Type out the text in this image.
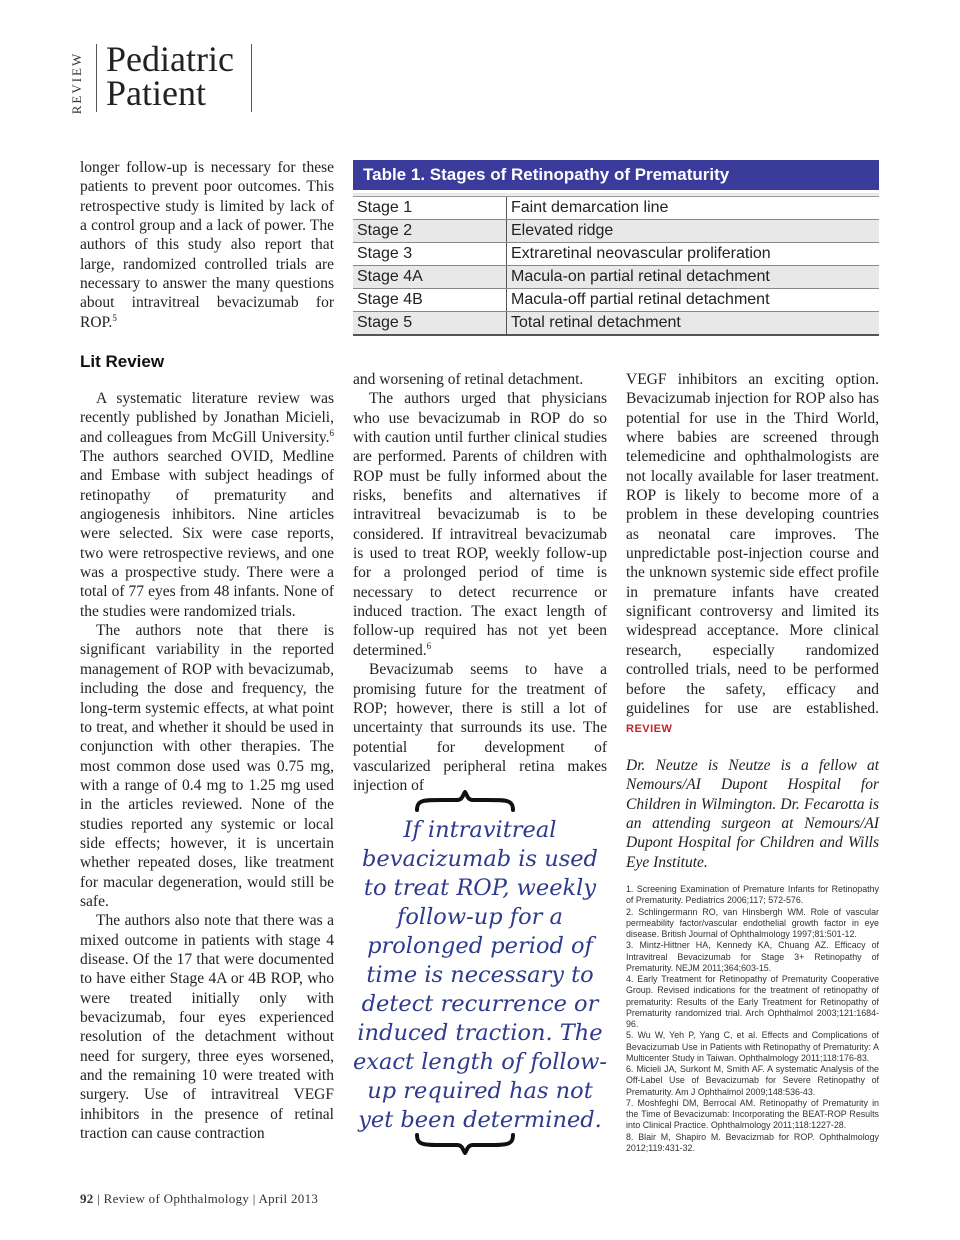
REVIEW Pediatric
Patient

longer follow-up is necessary for these patients to prevent poor outcomes. This retrospective study is limited by lack of a control group and a lack of power. The authors of this study also report that large, randomized controlled trials are necessary to answer the many questions about intravitreal bevacizumab for ROP.$^5$

Lit Review

A systematic literature review was recently published by Jonathan Micieli, and colleagues from McGill University.$^6$ The authors searched OVID, Medline and Embase with subject headings of retinopathy of prematurity and angiogenesis inhibitors. Nine articles were selected. Six were case reports, two were retrospective reviews, and one was a prospective study. There were a total of 77 eyes from 48 infants. None of the studies were randomized trials.

The authors note that there is significant variability in the reported management of ROP with bevacizumab, including the dose and frequency, the long-term systemic effects, at what point to treat, and whether it should be used in conjunction with other therapies. The most common dose used was 0.75 mg, with a range of 0.4 mg to 1.25 mg used in the articles reviewed. None of the studies reported any systemic or local side effects; however, it is uncertain whether repeated doses, like treatment for macular degeneration, would still be safe.

The authors also note that there was a mixed outcome in patients with stage 4 disease. Of the 17 that were documented to have either Stage 4A or 4B ROP, who were treated initially only with bevacizumab, four eyes experienced resolution of the detachment without need for surgery, three eyes worsened, and the remaining 10 were treated with surgery. Use of intravitreal VEGF inhibitors in the presence of retinal traction can cause contraction

Table 1. Stages of Retinopathy of Prematurity
Stage 1	Faint demarcation line
Stage 2	Elevated ridge
Stage 3	Extraretinal neovascular proliferation
Stage 4A	Macula-on partial retinal detachment
Stage 4B	Macula-off partial retinal detachment
Stage 5	Total retinal detachment

and worsening of retinal detachment.

The authors urged that physicians who use bevacizumab in ROP do so with caution until further clinical studies are performed. Parents of children with ROP must be fully informed about the risks, benefits and alternatives if intravitreal bevacizumab is to be considered. If intravitreal bevacizumab is used to treat ROP, weekly follow-up for a prolonged period of time is necessary to detect recurrence or induced traction. The exact length of follow-up required has not yet been determined.$^6$

Bevacizumab seems to have a promising future for the treatment of ROP; however, there is still a lot of uncertainty that surrounds its use. The potential for development of vascularized peripheral retina makes injection of

If intravitreal bevacizumab is used to treat ROP, weekly follow-up for a prolonged period of time is necessary to detect recurrence or induced traction. The exact length of follow-up required has not yet been determined.

VEGF inhibitors an exciting option. Bevacizumab injection for ROP also has potential for use in the Third World, where babies are screened through telemedicine and ophthalmologists are not locally available for laser treatment. ROP is likely to become more of a problem in these developing countries as neonatal care improves. The unpredictable post-injection course and the unknown systemic side effect profile in premature infants have created significant controversy and limited its widespread acceptance. More clinical research, especially randomized controlled trials, need to be performed before the safety, efficacy and guidelines for use are established. REVIEW

Dr. Neutze is Neutze is a fellow at Nemours/AI Dupont Hospital for Children in Wilmington. Dr. Fecarotta is an attending surgeon at Nemours/AI Dupont Hospital for Children and Wills Eye Institute.
1. Screening Examination of Premature Infants for Retinopathy of Prematurity. Pediatrics 2006;117; 572-576.
2. Schlingermann RO, van Hinsbergh WM. Role of vascular permeability factor/vascular endothelial growth factor in eye disease. British Journal of Ophthalmology 1997;81:501-12.
3. Mintz-Hittner HA, Kennedy KA, Chuang AZ. Efficacy of Intravitreal Bevacizumab for Stage 3+ Retinopathy of Prematurity. NEJM 2011;364;603-15.
4. Early Treatment for Retinopathy of Prematurity Cooperative Group. Revised indications for the treatment of retinopathy of prematurity: Results of the Early Treatment for Retinopathy of Prematurity randomized trial. Arch Ophthalmol 2003;121:1684-96.
5. Wu W, Yeh P, Yang C, et al. Effects and Complications of Bevacizumab Use in Patients with Retinopathy of Prematurity: A Multicenter Study in Taiwan. Ophthalmology 2011;118:176-83.
6. Micieli JA, Surkont M, Smith AF. A systematic Analysis of the Off-Label Use of Bevacizumab for Severe Retinopathy of Prematurity. Am J Ophthalmol 2009;148:536-43.
7. Moshfeghi DM, Berrocal AM. Retinopathy of Prematurity in the Time of Bevacizumab: Incorporating the BEAT-ROP Results into Clinical Practice. Ophthalmology 2011;118:1227-28.
8. Blair M, Shapiro M. Bevacizmab for ROP. Ophthalmology 2012;119:431-32.
92 | Review of Ophthalmology | April 2013
